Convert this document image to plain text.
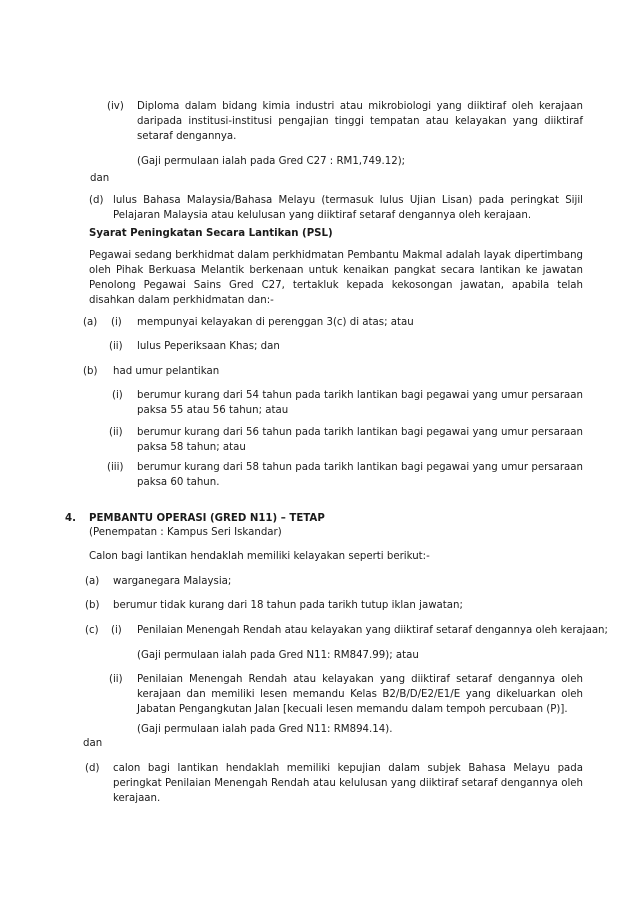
(iv) Diploma dalam bidang kimia industri atau mikrobiologi yang diiktiraf oleh kerajaan daripada institusi-institusi pengajian tinggi tempatan atau kelayakan yang diiktiraf setaraf dengannya.
(Gaji permulaan ialah pada Gred C27 : RM1,749.12);
dan
(d) lulus Bahasa Malaysia/Bahasa Melayu (termasuk lulus Ujian Lisan) pada peringkat Sijil Pelajaran Malaysia atau kelulusan yang diiktiraf setaraf dengannya oleh kerajaan.
Syarat Peningkatan Secara Lantikan (PSL)
Pegawai sedang berkhidmat dalam perkhidmatan Pembantu Makmal adalah layak dipertimbang oleh Pihak Berkuasa Melantik berkenaan untuk kenaikan pangkat secara lantikan ke jawatan Penolong Pegawai Sains Gred C27, tertakluk kepada kekosongan jawatan, apabila telah disahkan dalam perkhidmatan dan:-
(a) (i) mempunyai kelayakan di perenggan 3(c) di atas; atau
(ii) lulus Peperiksaan Khas; dan
(b) had umur pelantikan
(i) berumur kurang dari 54 tahun pada tarikh lantikan bagi pegawai yang umur persaraan paksa 55 atau 56 tahun; atau
(ii) berumur kurang dari 56 tahun pada tarikh lantikan bagi pegawai yang umur persaraan paksa 58 tahun; atau
(iii) berumur kurang dari 58 tahun pada tarikh lantikan bagi pegawai yang umur persaraan paksa 60 tahun.
4. PEMBANTU OPERASI (GRED N11) – TETAP
(Penempatan : Kampus Seri Iskandar)
Calon bagi lantikan hendaklah memiliki kelayakan seperti berikut:-
(a) warganegara Malaysia;
(b) berumur tidak kurang dari 18 tahun pada tarikh tutup iklan jawatan;
(c) (i) Penilaian Menengah Rendah atau kelayakan yang diiktiraf setaraf dengannya oleh kerajaan;
(Gaji permulaan ialah pada Gred N11: RM847.99); atau
(ii) Penilaian Menengah Rendah atau kelayakan yang diiktiraf setaraf dengannya oleh kerajaan dan memiliki lesen memandu Kelas B2/B/D/E2/E1/E yang dikeluarkan oleh Jabatan Pengangkutan Jalan [kecuali lesen memandu dalam tempoh percubaan (P)].
(Gaji permulaan ialah pada Gred N11: RM894.14).
dan
(d) calon bagi lantikan hendaklah memiliki kepujian dalam subjek Bahasa Melayu pada peringkat Penilaian Menengah Rendah atau kelulusan yang diiktiraf setaraf dengannya oleh kerajaan.
